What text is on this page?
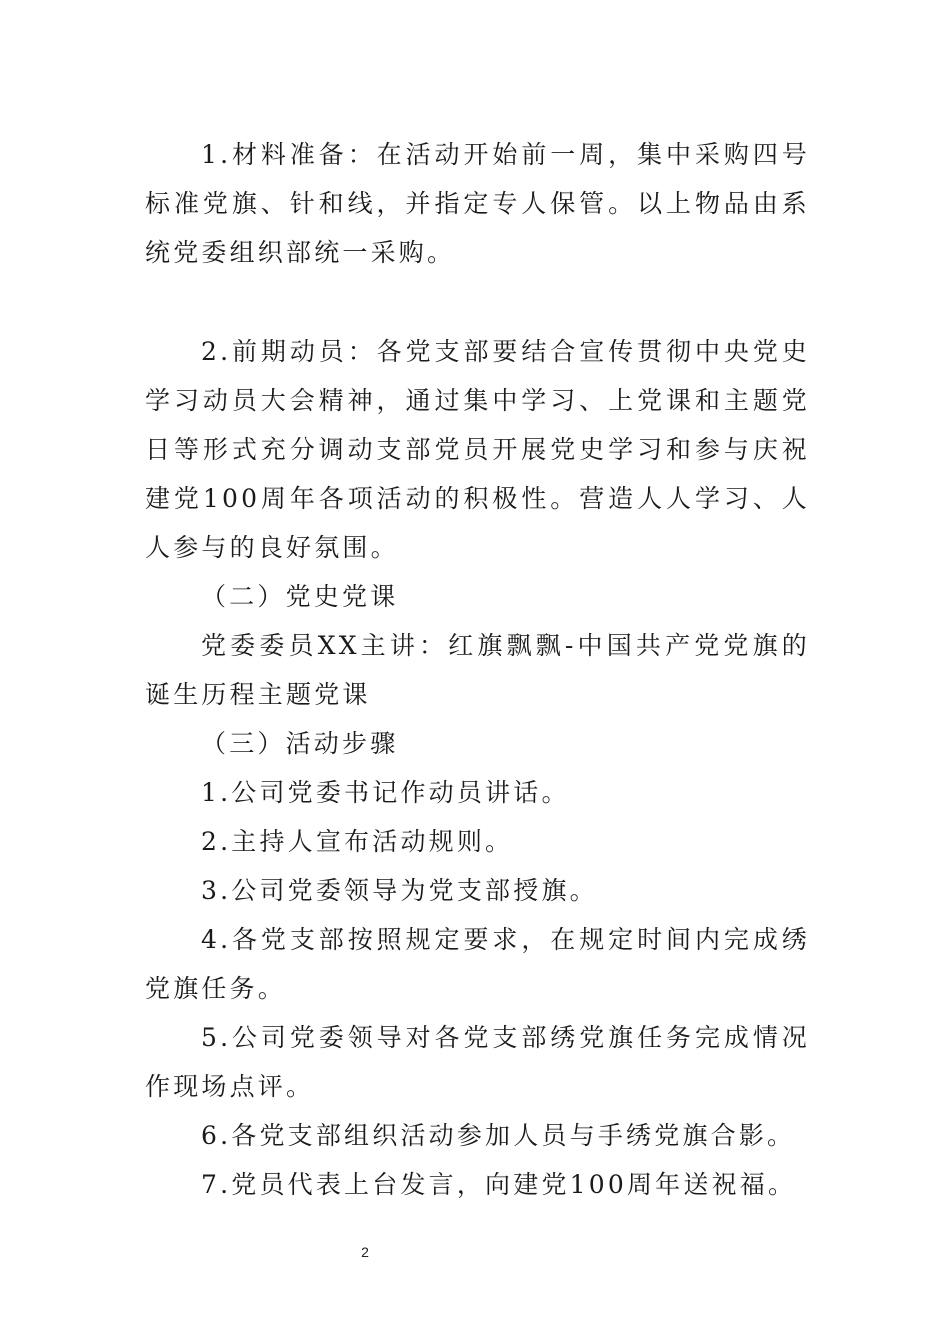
1.材料准备：在活动开始前一周，集中采购四号标准党旗、针和线，并指定专人保管。以上物品由系统党委组织部统一采购。

2.前期动员：各党支部要结合宣传贯彻中央党史学习动员大会精神，通过集中学习、上党课和主题党日等形式充分调动支部党员开展党史学习和参与庆祝建党100周年各项活动的积极性。营造人人学习、人人参与的良好氛围。

（二）党史党课

党委委员XX主讲：红旗飘飘-中国共产党党旗的诞生历程主题党课

（三）活动步骤

1.公司党委书记作动员讲话。

2.主持人宣布活动规则。

3.公司党委领导为党支部授旗。

4.各党支部按照规定要求，在规定时间内完成绣党旗任务。

5.公司党委领导对各党支部绣党旗任务完成情况作现场点评。

6.各党支部组织活动参加人员与手绣党旗合影。

7.党员代表上台发言，向建党100周年送祝福。

2
